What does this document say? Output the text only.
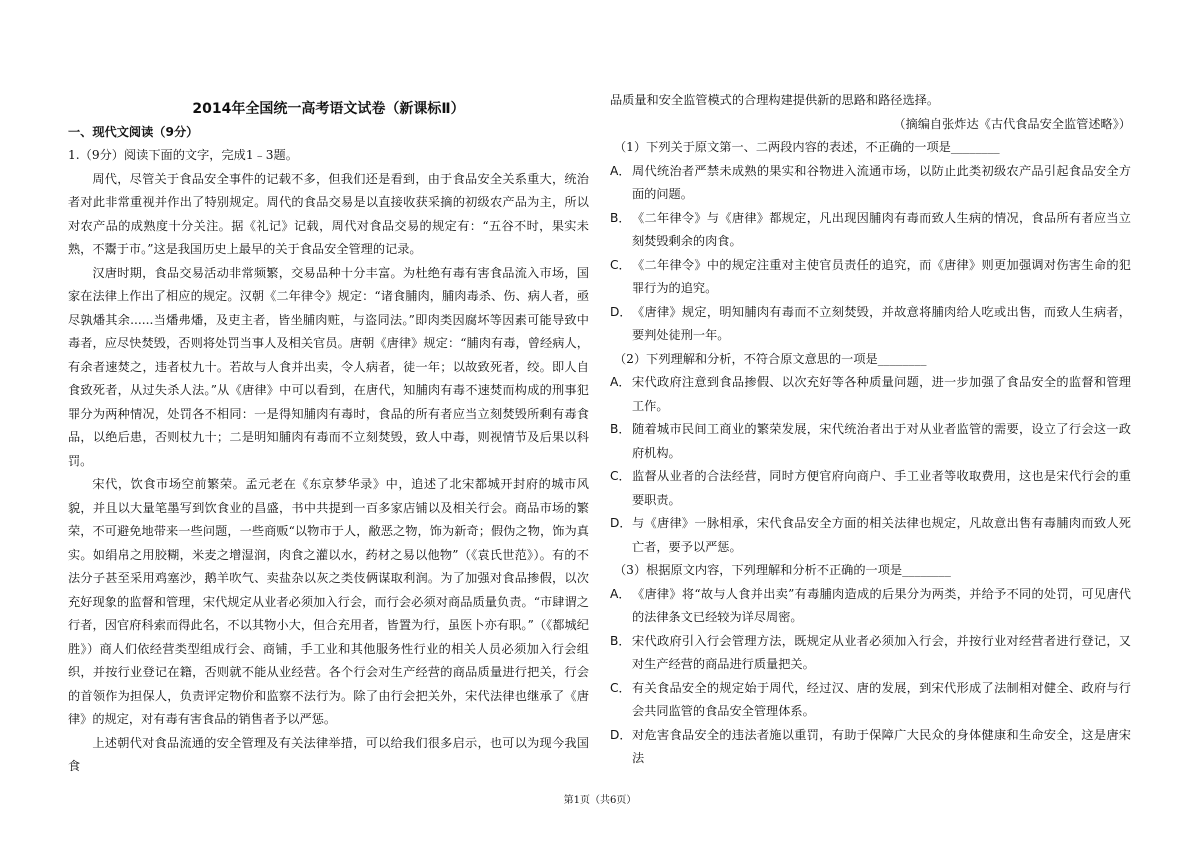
2014年全国统一高考语文试卷（新课标Ⅱ）

一、现代文阅读（9分）

1.（9分）阅读下面的文字，完成1﹣3题。

周代，尽管关于食品安全事件的记载不多，但我们还是看到，由于食品安全关系重大，统治者对此非常重视并作出了特别规定。周代的食品交易是以直接收获采摘的初级农产品为主，所以对农产品的成熟度十分关注。据《礼记》记载，周代对食品交易的规定有：“五谷不时，果实未熟，不鬻于市。”这是我国历史上最早的关于食品安全管理的记录。

汉唐时期，食品交易活动非常频繁，交易品种十分丰富。为杜绝有毒有害食品流入市场，国家在法律上作出了相应的规定。汉朝《二年律令》规定：“诸食脯肉，脯肉毒杀、伤、病人者，亟尽孰燔其余......当燔弗燔，及吏主者，皆坐脯肉赃，与盗同法。”即肉类因腐坏等因素可能导致中毒者，应尽快焚毁，否则将处罚当事人及相关官员。唐朝《唐律》规定：“脯肉有毒，曾经病人，有余者速焚之，违者杖九十。若故与人食并出卖，令人病者，徒一年；以故致死者，绞。即人自食致死者，从过失杀人法。”从《唐律》中可以看到，在唐代，知脯肉有毒不速焚而构成的刑事犯罪分为两种情况，处罚各不相同：一是得知脯肉有毒时，食品的所有者应当立刻焚毁所剩有毒食品，以绝后患，否则杖九十；二是明知脯肉有毒而不立刻焚毁，致人中毒，则视情节及后果以科罚。

宋代，饮食市场空前繁荣。孟元老在《东京梦华录》中，追述了北宋都城开封府的城市风貌，并且以大量笔墨写到饮食业的昌盛，书中共提到一百多家店铺以及相关行会。商品市场的繁荣，不可避免地带来一些问题，一些商贩“以物市于人，敝恶之物，饰为新奇；假伪之物，饰为真实。如绢帛之用胶糊，米麦之增湿润，肉食之灌以水，药材之易以他物”（《袁氏世范》）。有的不法分子甚至采用鸡塞沙，鹅羊吹气、卖盐杂以灰之类伎俩谋取利润。为了加强对食品掺假，以次充好现象的监督和管理，宋代规定从业者必须加入行会，而行会必须对商品质量负责。“市肆谓之行者，因官府科索而得此名，不以其物小大，但合充用者，皆置为行，虽医卜亦有职。”（《都城纪胜》）商人们依经营类型组成行会、商铺，手工业和其他服务性行业的相关人员必须加入行会组织，并按行业登记在籍，否则就不能从业经营。各个行会对生产经营的商品质量进行把关，行会的首领作为担保人，负责评定物价和监察不法行为。除了由行会把关外，宋代法律也继承了《唐律》的规定，对有毒有害食品的销售者予以严惩。

上述朝代对食品流通的安全管理及有关法律举措，可以给我们很多启示，也可以为现今我国食

品质量和安全监管模式的合理构建提供新的思路和路径选择。

（摘编自张炸达《古代食品安全监管述略》）

（1）下列关于原文第一、二两段内容的表述，不正确的一项是________

A． 周代统治者严禁未成熟的果实和谷物进入流通市场，以防止此类初级农产品引起食品安全方面的问题。
B． 《二年律令》与《唐律》都规定，凡出现因脯肉有毒而致人生病的情况，食品所有者应当立刻焚毁剩余的肉食。
C． 《二年律令》中的规定注重对主使官员责任的追究，而《唐律》则更加强调对伤害生命的犯罪行为的追究。
D． 《唐律》规定，明知脯肉有毒而不立刻焚毁，并故意将脯肉给人吃或出售，而致人生病者，要判处徒刑一年。

（2）下列理解和分析，不符合原文意思的一项是________

A． 宋代政府注意到食品掺假、以次充好等各种质量问题，进一步加强了食品安全的监督和管理工作。
B． 随着城市民间工商业的繁荣发展，宋代统治者出于对从业者监管的需要，设立了行会这一政府机构。
C． 监督从业者的合法经营，同时方便官府向商户、手工业者等收取费用，这也是宋代行会的重要职责。
D． 与《唐律》一脉相承，宋代食品安全方面的相关法律也规定，凡故意出售有毒脯肉而致人死亡者，要予以严惩。

（3）根据原文内容，下列理解和分析不正确的一项是________

A． 《唐律》将“故与人食并出卖”有毒脯肉造成的后果分为两类，并给予不同的处罚，可见唐代的法律条文已经较为详尽周密。
B． 宋代政府引入行会管理方法，既规定从业者必须加入行会，并按行业对经营者进行登记，又对生产经营的商品进行质量把关。
C． 有关食品安全的规定始于周代，经过汉、唐的发展，到宋代形成了法制相对健全、政府与行会共同监管的食品安全管理体系。
D． 对危害食品安全的违法者施以重罚，有助于保障广大民众的身体健康和生命安全，这是唐宋法
第1页（共6页）
